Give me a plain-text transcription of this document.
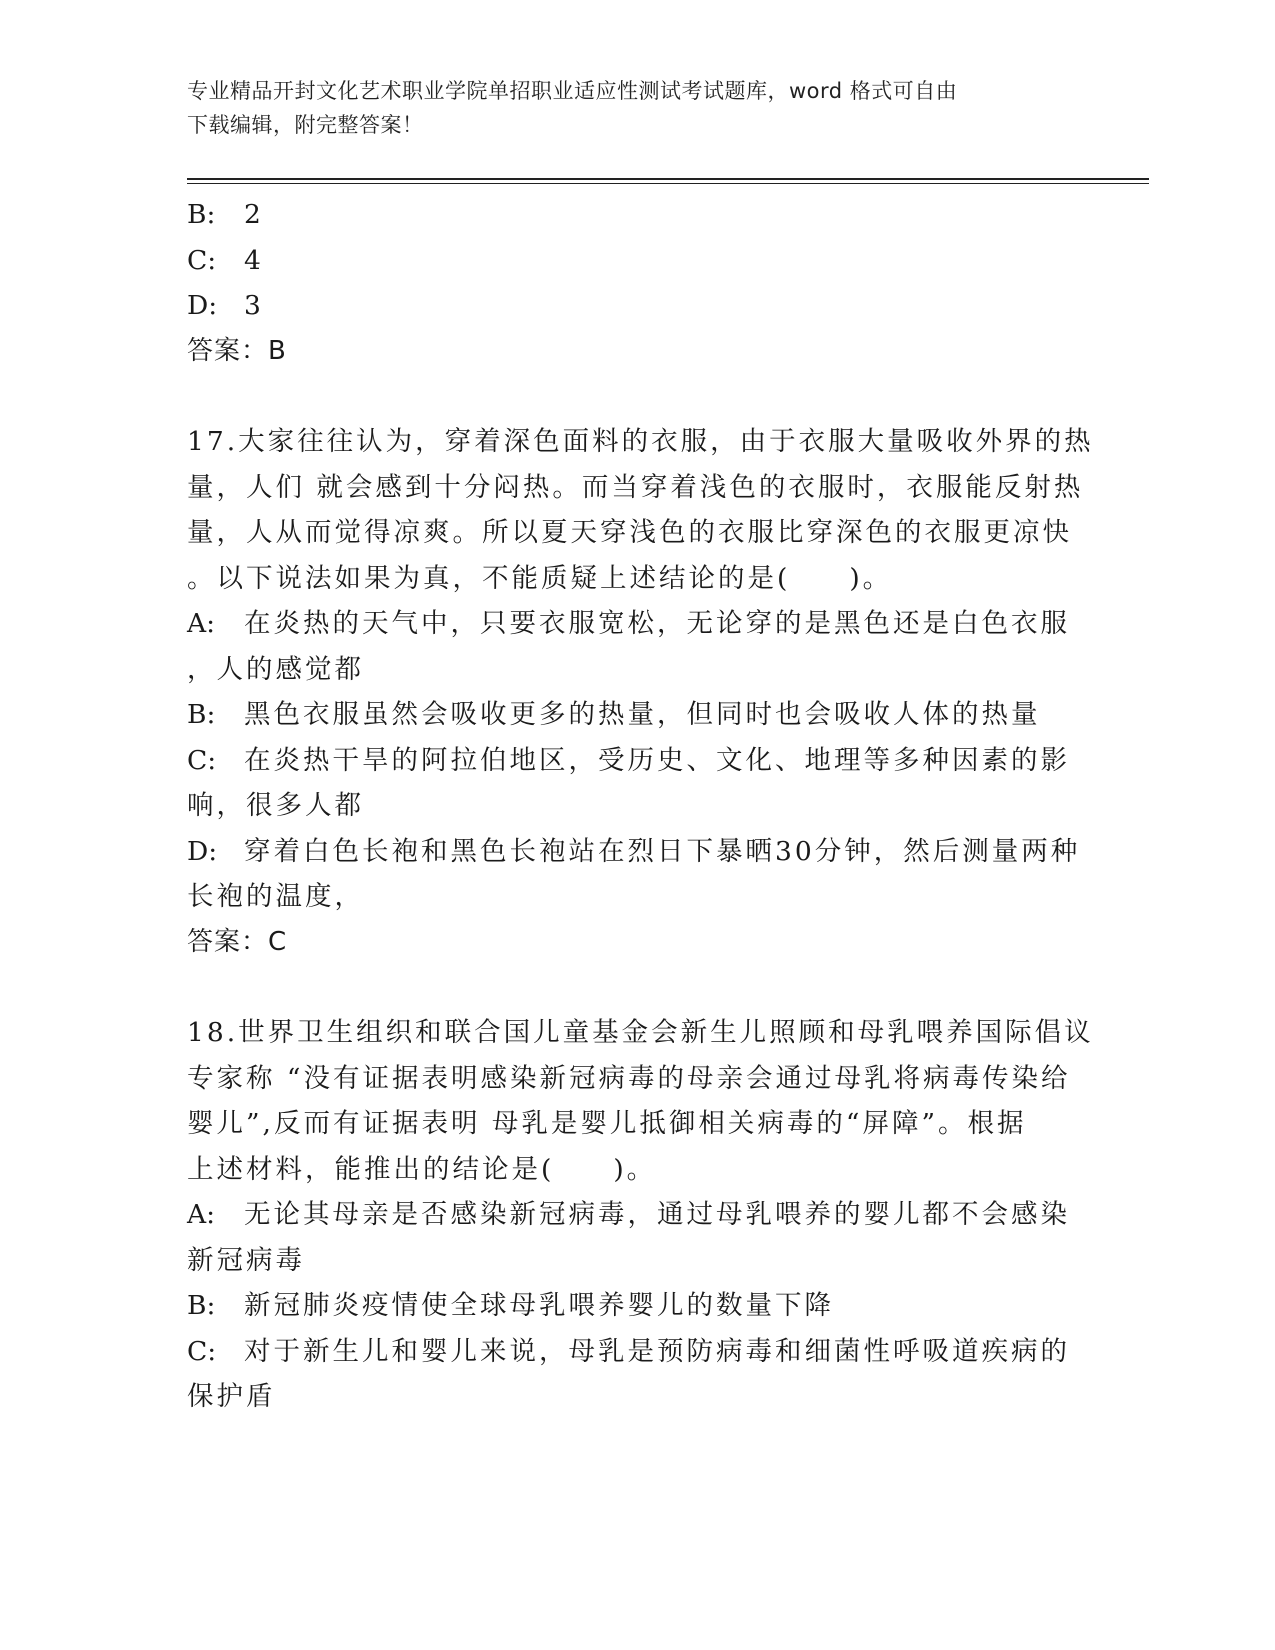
专业精品开封文化艺术职业学院单招职业适应性测试考试题库，word 格式可自由
下载编辑，附完整答案！
B: 2
C: 4
D: 3
答案：B
17.大家往往认为，穿着深色面料的衣服，由于衣服大量吸收外界的热
量，人们 就会感到十分闷热。而当穿着浅色的衣服时，衣服能反射热
量，人从而觉得凉爽。所以夏天穿浅色的衣服比穿深色的衣服更凉快
。以下说法如果为真，不能质疑上述结论的是(　　)。
A: 在炎热的天气中，只要衣服宽松，无论穿的是黑色还是白色衣服
，人的感觉都
B: 黑色衣服虽然会吸收更多的热量，但同时也会吸收人体的热量
C: 在炎热干旱的阿拉伯地区，受历史、文化、地理等多种因素的影
响，很多人都
D: 穿着白色长袍和黑色长袍站在烈日下暴晒30分钟，然后测量两种
长袍的温度，
答案：C
18.世界卫生组织和联合国儿童基金会新生儿照顾和母乳喂养国际倡议
专家称 “没有证据表明感染新冠病毒的母亲会通过母乳将病毒传染给
婴儿”,反而有证据表明 母乳是婴儿抵御相关病毒的“屏障”。根据
上述材料，能推出的结论是(　　)。
A: 无论其母亲是否感染新冠病毒，通过母乳喂养的婴儿都不会感染
新冠病毒
B: 新冠肺炎疫情使全球母乳喂养婴儿的数量下降
C: 对于新生儿和婴儿来说，母乳是预防病毒和细菌性呼吸道疾病的
保护盾
